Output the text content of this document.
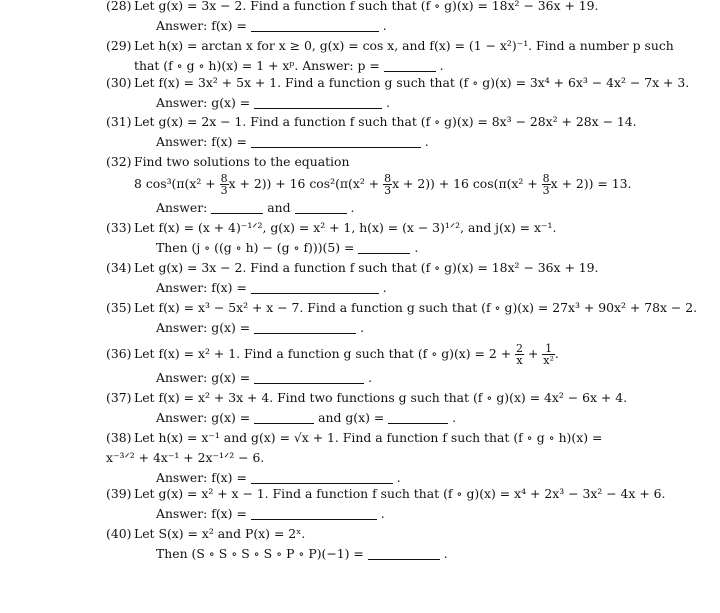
(28) Let g(x) = 3x − 2. Find a function f such that (f ∘ g)(x) = 18x² − 36x + 19.
Answer: f(x) =	.
(29) Let h(x) = arctan x for x ≥ 0, g(x) = cos x, and f(x) = (1 − x²)⁻¹. Find a number p such
that (f ∘ g ∘ h)(x) = 1 + xᵖ. Answer: p =	.
(30) Let f(x) = 3x² + 5x + 1. Find a function g such that (f ∘ g)(x) = 3x⁴ + 6x³ − 4x² − 7x + 3.
Answer: g(x) =	.
(31) Let g(x) = 2x − 1. Find a function f such that (f ∘ g)(x) = 8x³ − 28x² + 28x − 14.
Answer: f(x) =	.
(32) Find two solutions to the equation
8 $\cos^3(\pi(x^2 + \frac{8}{3}$ x + 2)) + 16 $\cos^2(\pi(x^2 + \frac{8}{3}$ x + 2)) + 16 $\cos(\pi(x^2 + \frac{8}{3}$ x + 2)) = 13.
Answer:	and	.
(33) Let f(x) = (x + 4)⁻¹ᐟ², g(x) = x² + 1, h(x) = (x − 3)¹ᐟ², and j(x) = x⁻¹.
Then (j ∘ ((g ∘ h) − (g ∘ f)))(5) =	.
(34) Let g(x) = 3x − 2. Find a function f such that (f ∘ g)(x) = 18x² − 36x + 19.
Answer: f(x) =	.
(35) Let f(x) = x³ − 5x² + x − 7. Find a function g such that (f ∘ g)(x) = 27x³ + 90x² + 78x − 2.
Answer: g(x) =	.
(36) Let f(x) = x² + 1. Find a function g such that (f ∘ $g)(x) = 2 + \frac{2}{x} + \frac{1}{\text{x²}}$ .
Answer: g(x) =	.
(37) Let f(x) = x² + 3x + 4. Find two functions g such that (f ∘ g)(x) = 4x² − 6x + 4.
Answer: g(x) =	and g(x) =	.
(38) Let h(x) = x⁻¹ and g(x) = √x + 1. Find a function f such that (f ∘ g ∘ h)(x) =
x⁻³ᐟ² + 4x⁻¹ + 2x⁻¹ᐟ² − 6.
Answer: f(x) =	.
(39) Let g(x) = x² + x − 1. Find a function f such that (f ∘ g)(x) = x⁴ + 2x³ − 3x² − 4x + 6.
Answer: f(x) =	.
(40) Let S(x) = x² and P(x) = 2ˣ.
Then (S ∘ S ∘ S ∘ S ∘ P ∘ P)(−1) =	.
